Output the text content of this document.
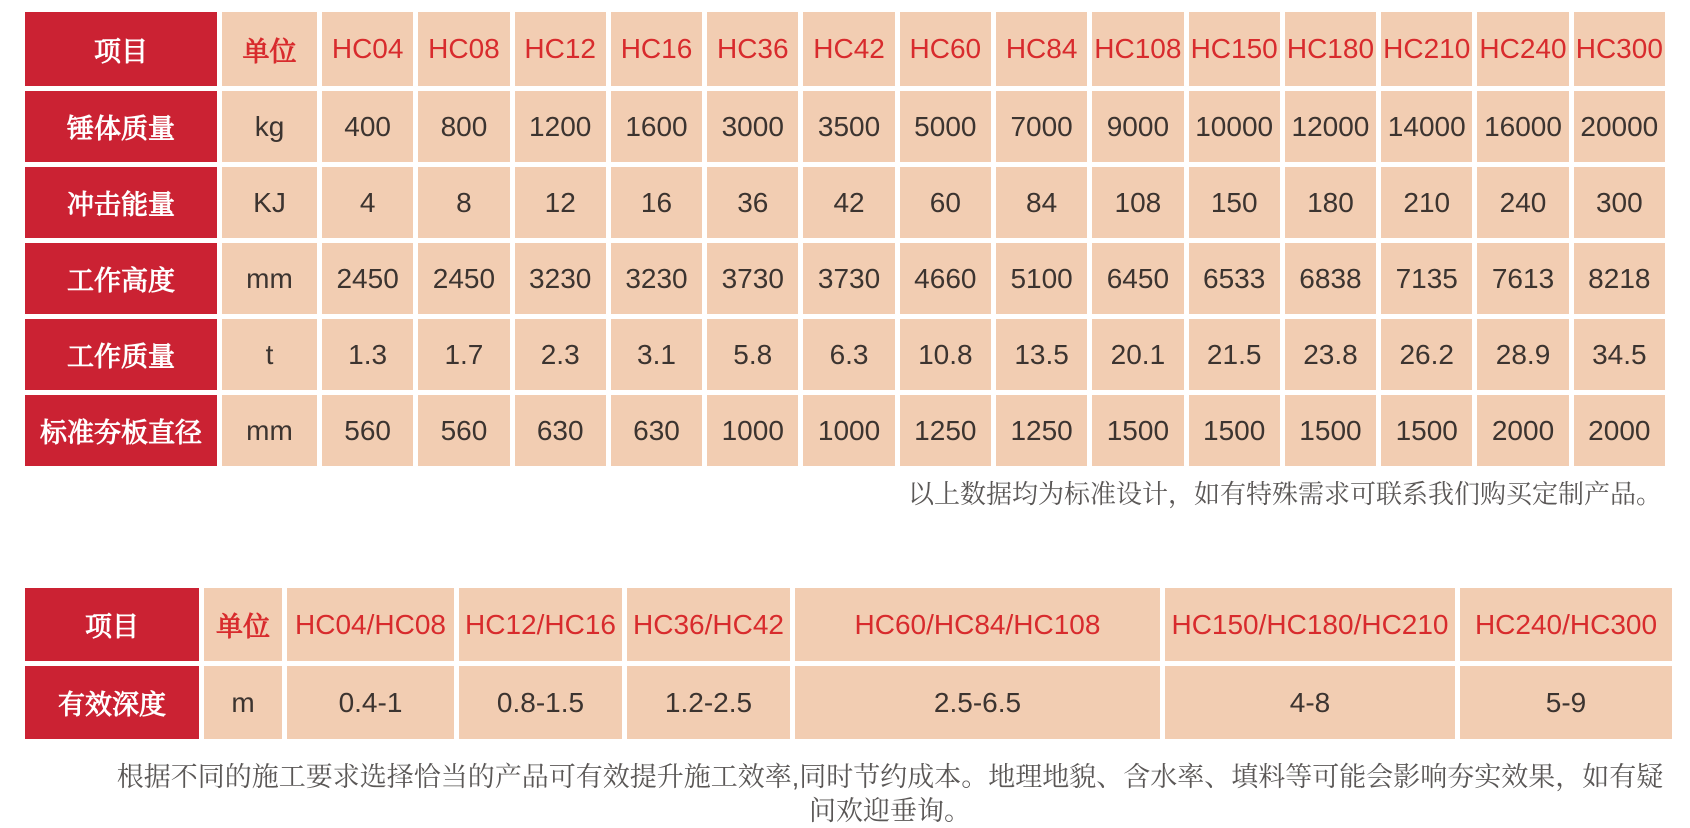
项目	单位	HC04	HC08	HC12	HC16	HC36	HC42	HC60	HC84	HC108	HC150	HC180	HC210	HC240	HC300
锤体质量	kg	400	800	1200	1600	3000	3500	5000	7000	9000	10000	12000	14000	16000	20000
冲击能量	KJ	4	8	12	16	36	42	60	84	108	150	180	210	240	300
工作高度	mm	2450	2450	3230	3230	3730	3730	4660	5100	6450	6533	6838	7135	7613	8218
工作质量	t	1.3	1.7	2.3	3.1	5.8	6.3	10.8	13.5	20.1	21.5	23.8	26.2	28.9	34.5
标准夯板直径	mm	560	560	630	630	1000	1000	1250	1250	1500	1500	1500	1500	2000	2000
以上数据均为标准设计，如有特殊需求可联系我们购买定制产品。
项目	单位	HC04/HC08	HC12/HC16	HC36/HC42	HC60/HC84/HC108	HC150/HC180/HC210	HC240/HC300
有效深度	m	0.4-1	0.8-1.5	1.2-2.5	2.5-6.5	4-8	5-9
根据不同的施工要求选择恰当的产品可有效提升施工效率,同时节约成本。地理地貌、含水率、填料等可能会影响夯实效果，如有疑问欢迎垂询。
